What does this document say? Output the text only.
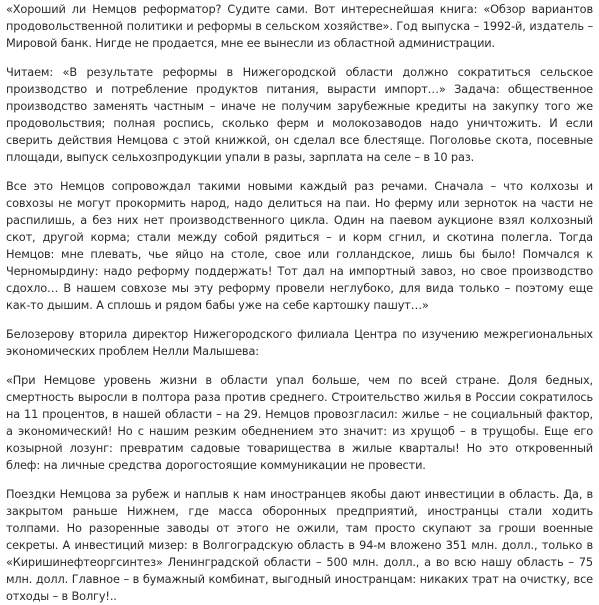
«Хороший ли Немцов реформатор? Судите сами. Вот интереснейшая книга: «Обзор вариантов продовольственной политики и реформы в сельском хозяйстве». Год выпуска – 1992-й, издатель – Мировой банк. Нигде не продается, мне ее вынесли из областной администрации.

Читаем: «В результате реформы в Нижегородской области должно сократиться сельское производство и потребление продуктов питания, вырасти импорт…» Задача: общественное производство заменять частным – иначе не получим зарубежные кредиты на закупку того же продовольствия; полная роспись, сколько ферм и молокозаводов надо уничтожить. И если сверить действия Немцова с этой книжкой, он сделал все блестяще. Поголовье скота, посевные площади, выпуск сельхозпродукции упали в разы, зарплата на селе – в 10 раз.

Все это Немцов сопровождал такими новыми каждый раз речами. Сначала – что колхозы и совхозы не могут прокормить народ, надо делиться на паи. Но ферму или зерноток на части не распилишь, а без них нет производственного цикла. Один на паевом аукционе взял колхозный скот, другой корма; стали между собой рядиться – и корм сгнил, и скотина полегла. Тогда Немцов: мне плевать, чье яйцо на столе, свое или голландское, лишь бы было! Помчался к Черномырдину: надо реформу поддержать! Тот дал на импортный завоз, но свое производство сдохло… В нашем совхозе мы эту реформу провели неглубоко, для вида только – поэтому еще как-то дышим. А сплошь и рядом бабы уже на себе картошку пашут…»

Белозерову вторила директор Нижегородского филиала Центра по изучению межрегиональных экономических проблем Нелли Малышева:

«При Немцове уровень жизни в области упал больше, чем по всей стране. Доля бедных, смертность выросли в полтора раза против среднего. Строительство жилья в России сократилось на 11 процентов, в нашей области – на 29. Немцов провозгласил: жилье – не социальный фактор, а экономический! Но с нашим резким обеднением это значит: из хрущоб – в трущобы. Еще его козырной лозунг: превратим садовые товарищества в жилые кварталы! Но это откровенный блеф: на личные средства дорогостоящие коммуникации не провести.

Поездки Немцова за рубеж и наплыв к нам иностранцев якобы дают инвестиции в область. Да, в закрытом раньше Нижнем, где масса оборонных предприятий, иностранцы стали ходить толпами. Но разоренные заводы от этого не ожили, там просто скупают за гроши военные секреты. А инвестиций мизер: в Волгоградскую область в 94-м вложено 351 млн. долл., только в «Киришинефтеоргсинтез» Ленинградской области – 500 млн. долл., а во всю нашу область – 75 млн. долл. Главное – в бумажный комбинат, выгодный иностранцам: никаких трат на очистку, все отходы – в Волгу!..
